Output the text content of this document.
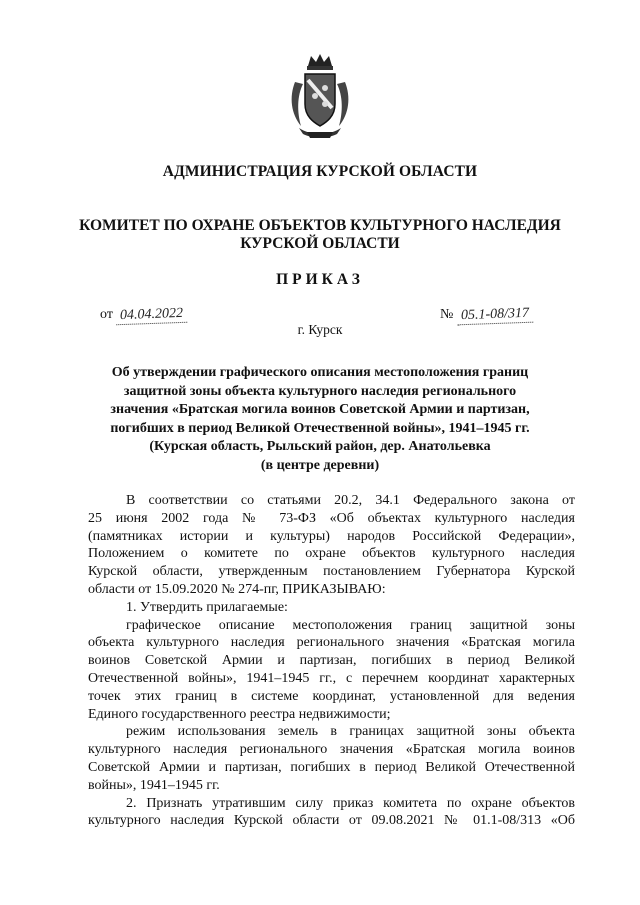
АДМИНИСТРАЦИЯ КУРСКОЙ ОБЛАСТИ
КОМИТЕТ ПО ОХРАНЕ ОБЪЕКТОВ КУЛЬТУРНОГО НАСЛЕДИЯ
КУРСКОЙ ОБЛАСТИ
ПРИКАЗ
от 04.04.2022	№ 05.1-08/317
г. Курск
Об утверждении графического описания местоположения границ
защитной зоны объекта культурного наследия регионального
значения «Братская могила воинов Советской Армии и партизан,
погибших в период Великой Отечественной войны», 1941–1945 гг.
(Курская область, Рыльский район, дер. Анатольевка
(в центре деревни)
В соответствии со статьями 20.2, 34.1 Федерального закона от
25 июня 2002 года № 73-ФЗ «Об объектах культурного наследия
(памятниках истории и культуры) народов Российской Федерации»,
Положением о комитете по охране объектов культурного наследия
Курской области, утвержденным постановлением Губернатора Курской
области от 15.09.2020 № 274-пг, ПРИКАЗЫВАЮ:
1. Утвердить прилагаемые:
графическое описание местоположения границ защитной зоны
объекта культурного наследия регионального значения «Братская могила
воинов Советской Армии и партизан, погибших в период Великой
Отечественной войны», 1941–1945 гг., с перечнем координат характерных
точек этих границ в системе координат, установленной для ведения
Единого государственного реестра недвижимости;
режим использования земель в границах защитной зоны объекта
культурного наследия регионального значения «Братская могила воинов
Советской Армии и партизан, погибших в период Великой Отечественной
войны», 1941–1945 гг.
2. Признать утратившим силу приказ комитета по охране объектов
культурного наследия Курской области от 09.08.2021 № 01.1-08/313 «Об
